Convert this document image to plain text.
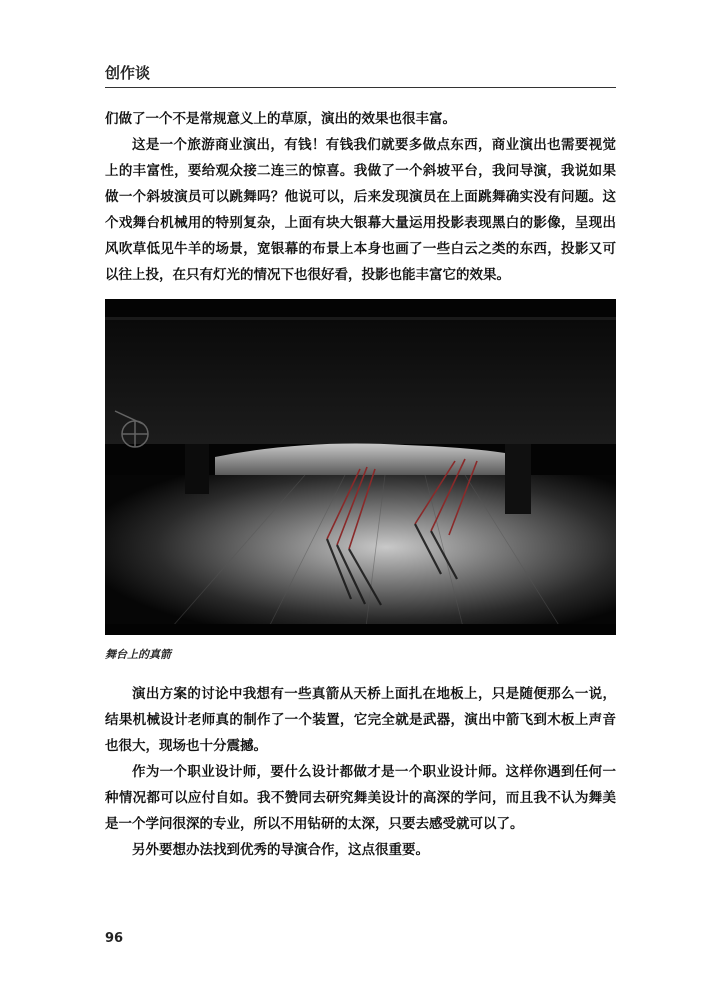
创作谈

们做了一个不是常规意义上的草原，演出的效果也很丰富。

这是一个旅游商业演出，有钱！有钱我们就要多做点东西，商业演出也需要视觉上的丰富性，要给观众接二连三的惊喜。我做了一个斜坡平台，我问导演，我说如果做一个斜坡演员可以跳舞吗？他说可以，后来发现演员在上面跳舞确实没有问题。这个戏舞台机械用的特别复杂，上面有块大银幕大量运用投影表现黑白的影像，呈现出风吹草低见牛羊的场景，宽银幕的布景上本身也画了一些白云之类的东西，投影又可以往上投，在只有灯光的情况下也很好看，投影也能丰富它的效果。

舞台上的真箭

演出方案的讨论中我想有一些真箭从天桥上面扎在地板上，只是随便那么一说，结果机械设计老师真的制作了一个装置，它完全就是武器，演出中箭飞到木板上声音也很大，现场也十分震撼。

作为一个职业设计师，要什么设计都做才是一个职业设计师。这样你遇到任何一种情况都可以应付自如。我不赞同去研究舞美设计的高深的学问，而且我不认为舞美是一个学问很深的专业，所以不用钻研的太深，只要去感受就可以了。

另外要想办法找到优秀的导演合作，这点很重要。

96
